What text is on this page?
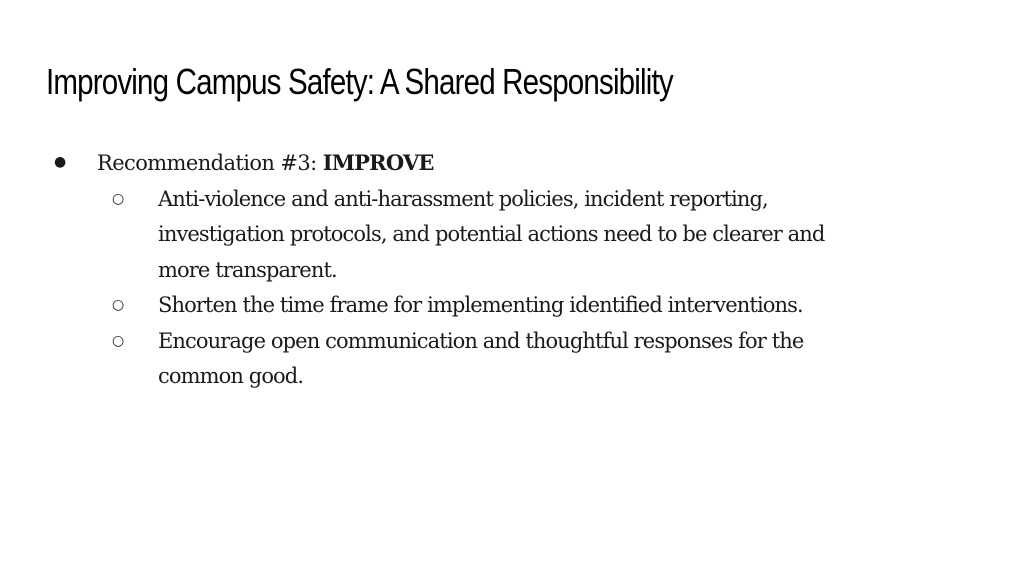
Improving Campus Safety: A Shared Responsibility
● Recommendation #3: IMPROVE
○ Anti-violence and anti-harassment policies, incident reporting,
investigation protocols, and potential actions need to be clearer and
more transparent.
○ Shorten the time frame for implementing identified interventions.
○ Encourage open communication and thoughtful responses for the
common good.
